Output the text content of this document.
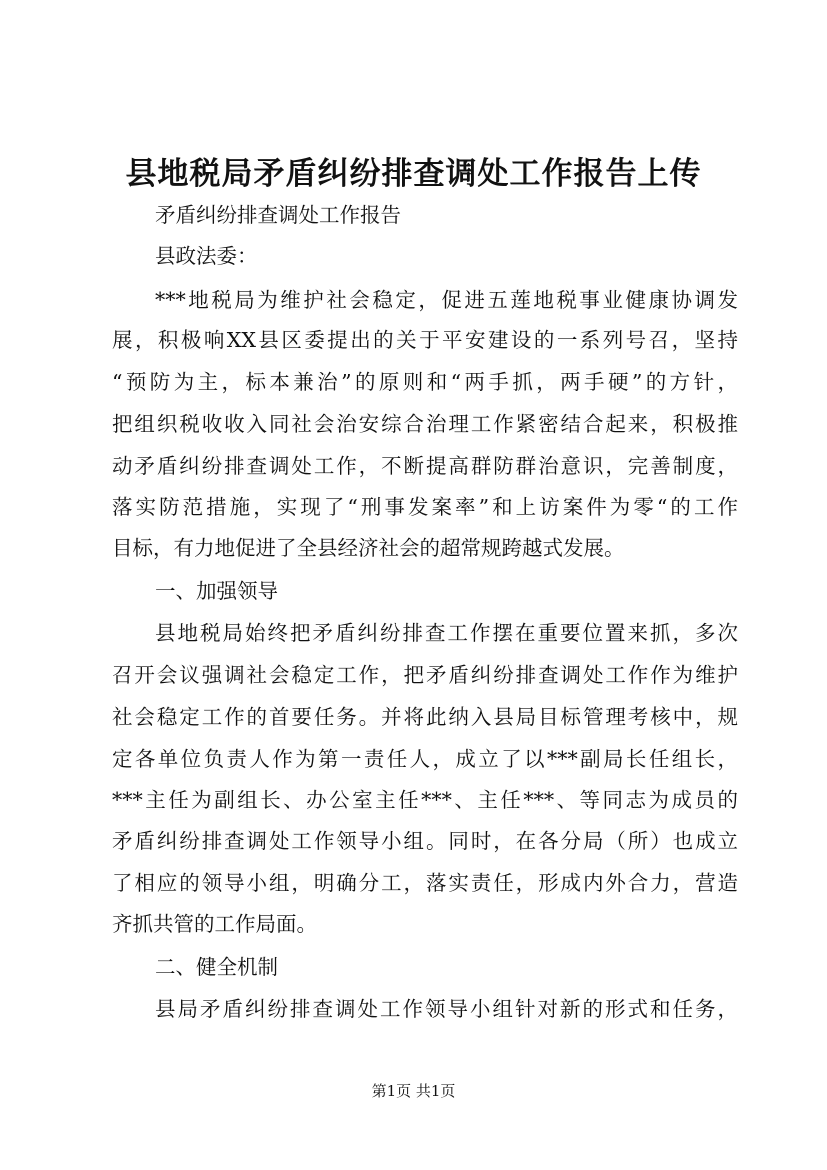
县地税局矛盾纠纷排查调处工作报告上传
矛盾纠纷排查调处工作报告
县政法委：
***地税局为维护社会稳定，促进五莲地税事业健康协调发
展，积极响XX县区委提出的关于平安建设的一系列号召，坚持
“预防为主，标本兼治”的原则和“两手抓，两手硬”的方针，
把组织税收收入同社会治安综合治理工作紧密结合起来，积极推
动矛盾纠纷排查调处工作，不断提高群防群治意识，完善制度，
落实防范措施，实现了“刑事发案率”和上访案件为零“的工作
目标，有力地促进了全县经济社会的超常规跨越式发展。
一、加强领导
县地税局始终把矛盾纠纷排查工作摆在重要位置来抓，多次
召开会议强调社会稳定工作，把矛盾纠纷排查调处工作作为维护
社会稳定工作的首要任务。并将此纳入县局目标管理考核中，规
定各单位负责人作为第一责任人，成立了以***副局长任组长，
***主任为副组长、办公室主任***、主任***、等同志为成员的
矛盾纠纷排查调处工作领导小组。同时，在各分局（所）也成立
了相应的领导小组，明确分工，落实责任，形成内外合力，营造
齐抓共管的工作局面。
二、健全机制
县局矛盾纠纷排查调处工作领导小组针对新的形式和任务，
第1页 共1页
